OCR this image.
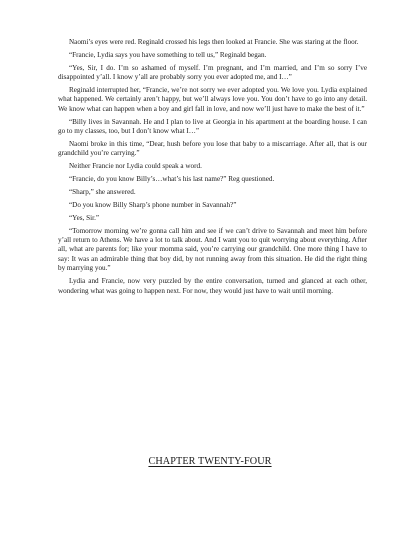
Naomi’s eyes were red. Reginald crossed his legs then looked at Francie. She was staring at the floor.

“Francie, Lydia says you have something to tell us,” Reginald began.

“Yes, Sir, I do. I’m so ashamed of myself. I’m pregnant, and I’m married, and I’m so sorry I’ve disappointed y’all. I know y’all are probably sorry you ever adopted me, and I…”

Reginald interrupted her, “Francie, we’re not sorry we ever adopted you. We love you. Lydia explained what happened. We certainly aren’t happy, but we’ll always love you. You don’t have to go into any detail. We know what can happen when a boy and girl fall in love, and now we’ll just have to make the best of it.”

“Billy lives in Savannah. He and I plan to live at Georgia in his apartment at the boarding house. I can go to my classes, too, but I don’t know what I…”

Naomi broke in this time, “Dear, hush before you lose that baby to a miscarriage. After all, that is our grandchild you’re carrying.”

Neither Francie nor Lydia could speak a word.

“Francie, do you know Billy’s…what’s his last name?” Reg questioned.

“Sharp,” she answered.

“Do you know Billy Sharp’s phone number in Savannah?”

“Yes, Sir.”

“Tomorrow morning we’re gonna call him and see if we can’t drive to Savannah and meet him before y’all return to Athens. We have a lot to talk about. And I want you to quit worrying about everything. After all, what are parents for; like your momma said, you’re carrying our grandchild. One more thing I have to say: It was an admirable thing that boy did, by not running away from this situation. He did the right thing by marrying you.”

Lydia and Francie, now very puzzled by the entire conversation, turned and glanced at each other, wondering what was going to happen next. For now, they would just have to wait until morning.

CHAPTER TWENTY-FOUR
